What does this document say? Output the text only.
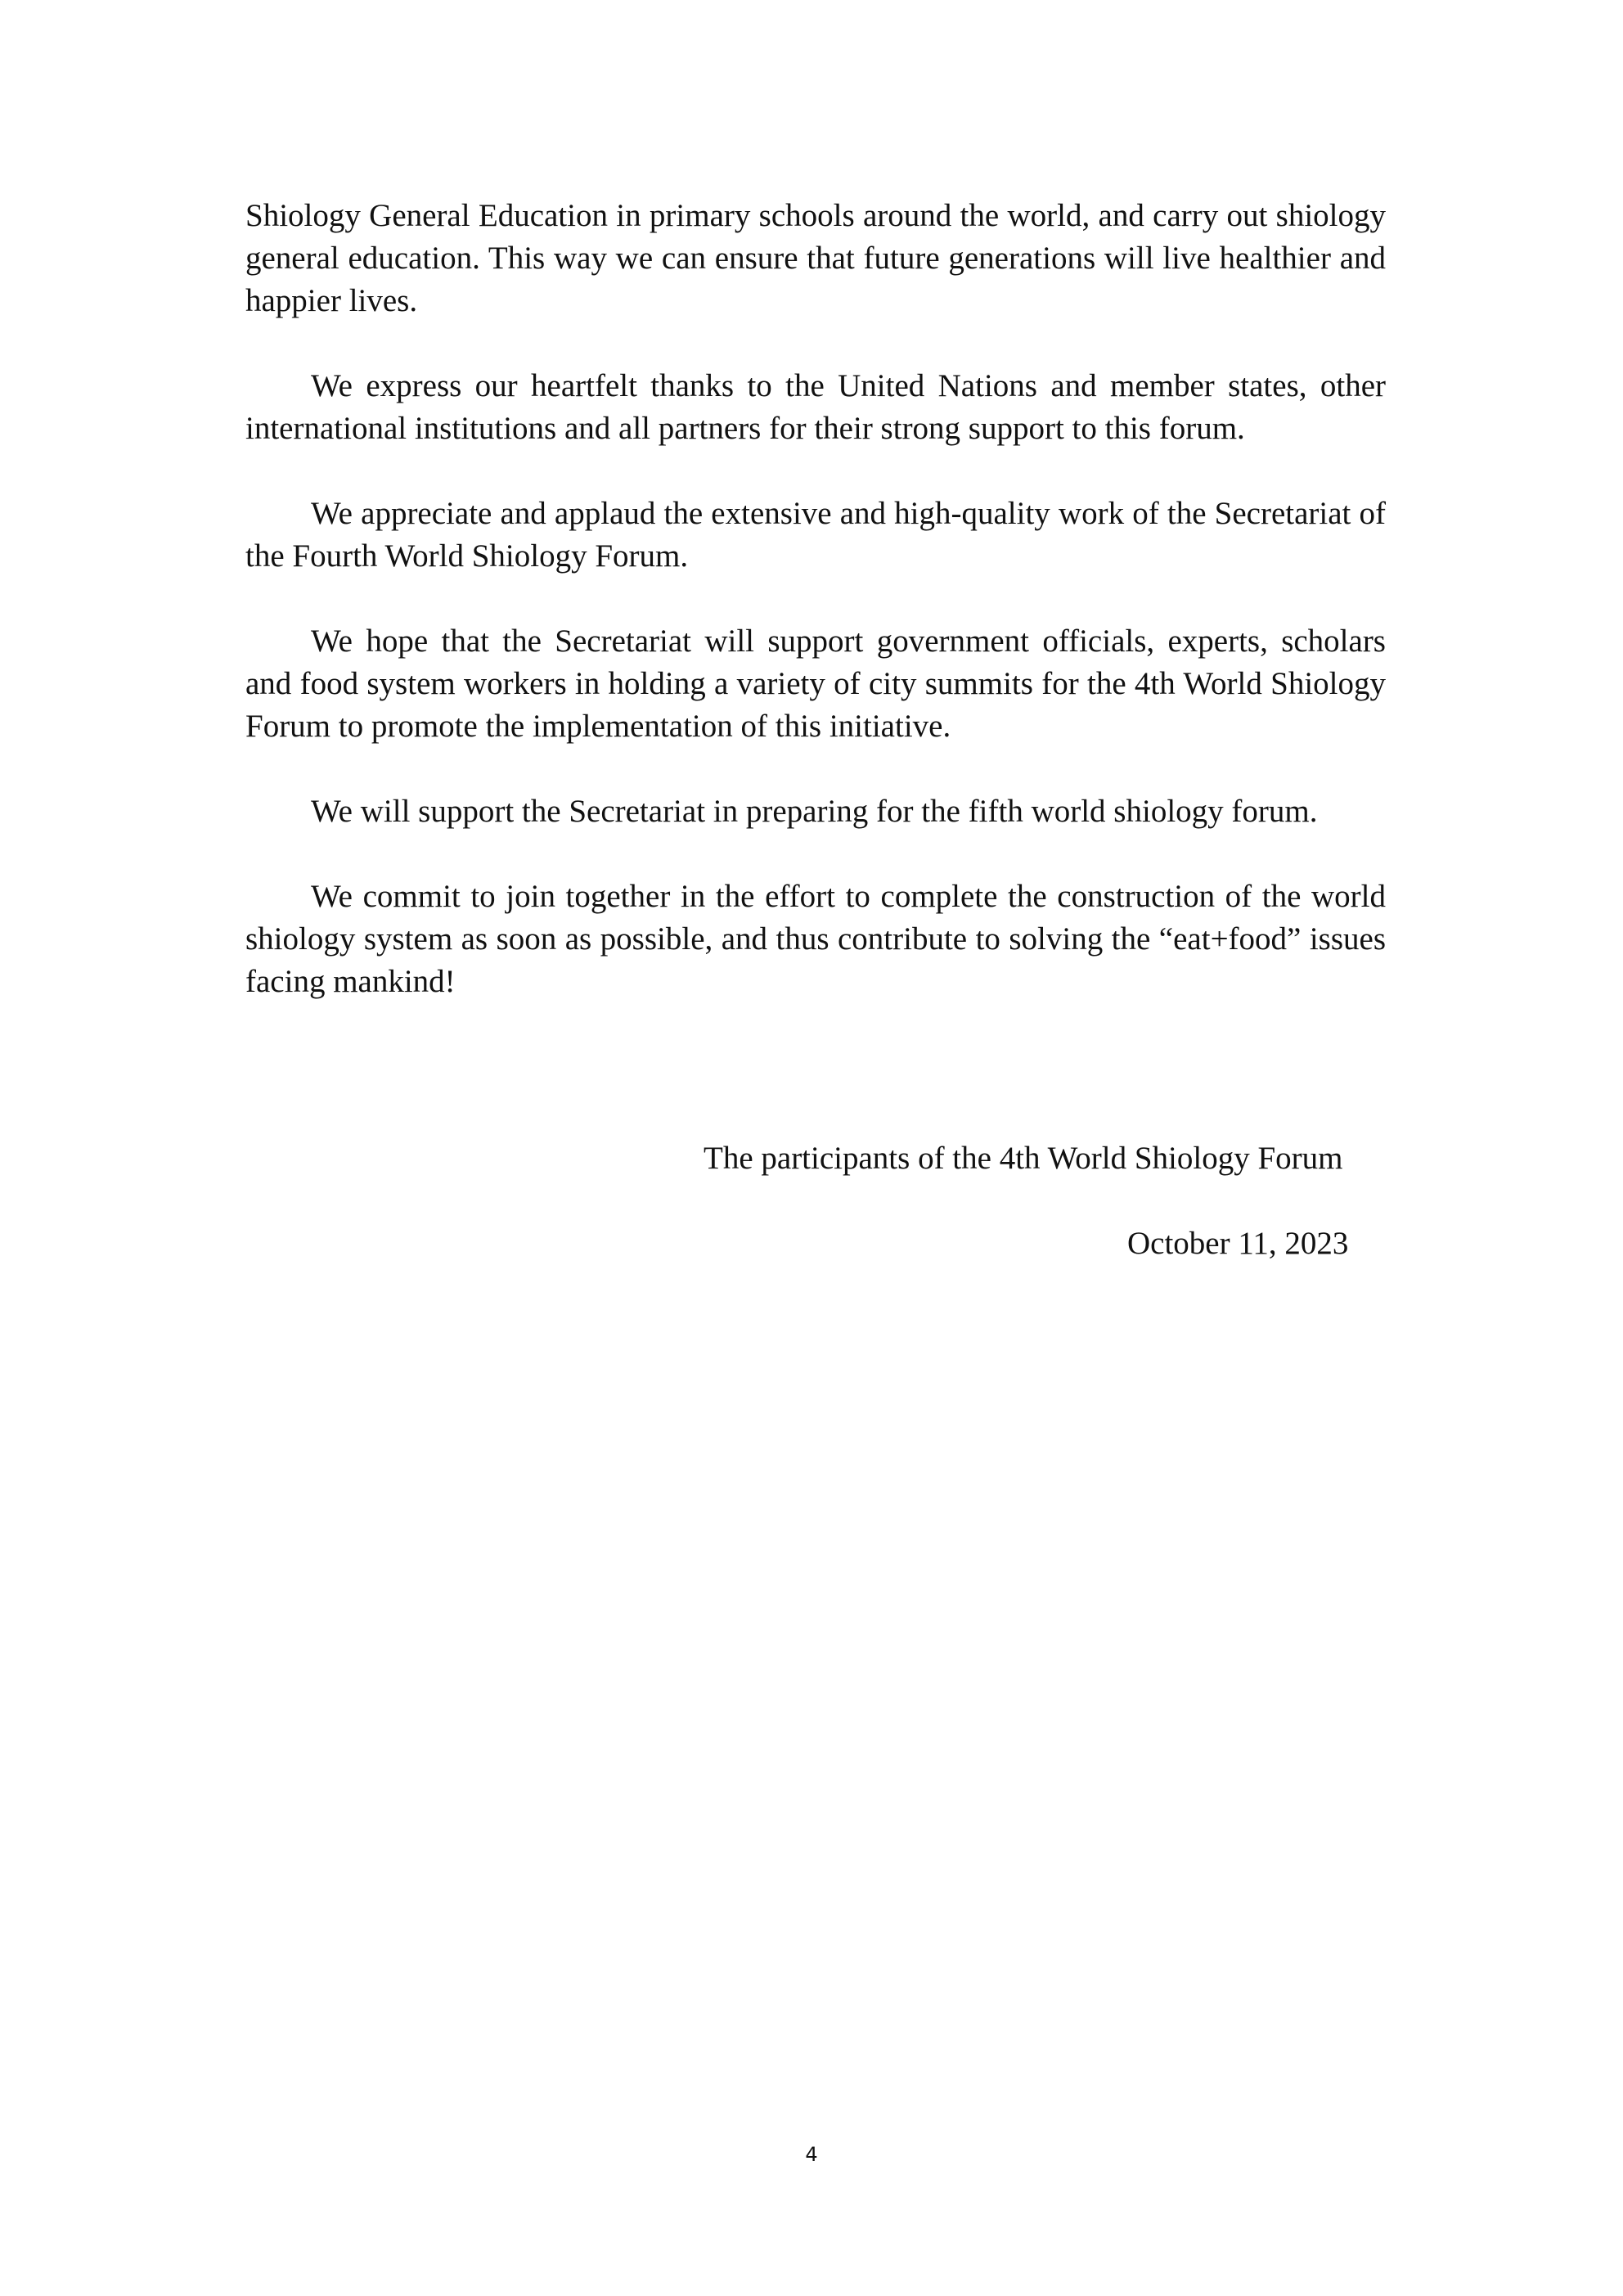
Shiology General Education in primary schools around the world, and carry out shiology general education. This way we can ensure that future generations will live healthier and happier lives.

We express our heartfelt thanks to the United Nations and member states, other international institutions and all partners for their strong support to this forum.

We appreciate and applaud the extensive and high-quality work of the Secretariat of the Fourth World Shiology Forum.

We hope that the Secretariat will support government officials, experts, scholars and food system workers in holding a variety of city summits for the 4th World Shiology Forum to promote the implementation of this initiative.

We will support the Secretariat in preparing for the fifth world shiology forum.

We commit to join together in the effort to complete the construction of the world shiology system as soon as possible, and thus contribute to solving the “eat+food” issues facing mankind!

The participants of the 4th World Shiology Forum
October 11, 2023
4
